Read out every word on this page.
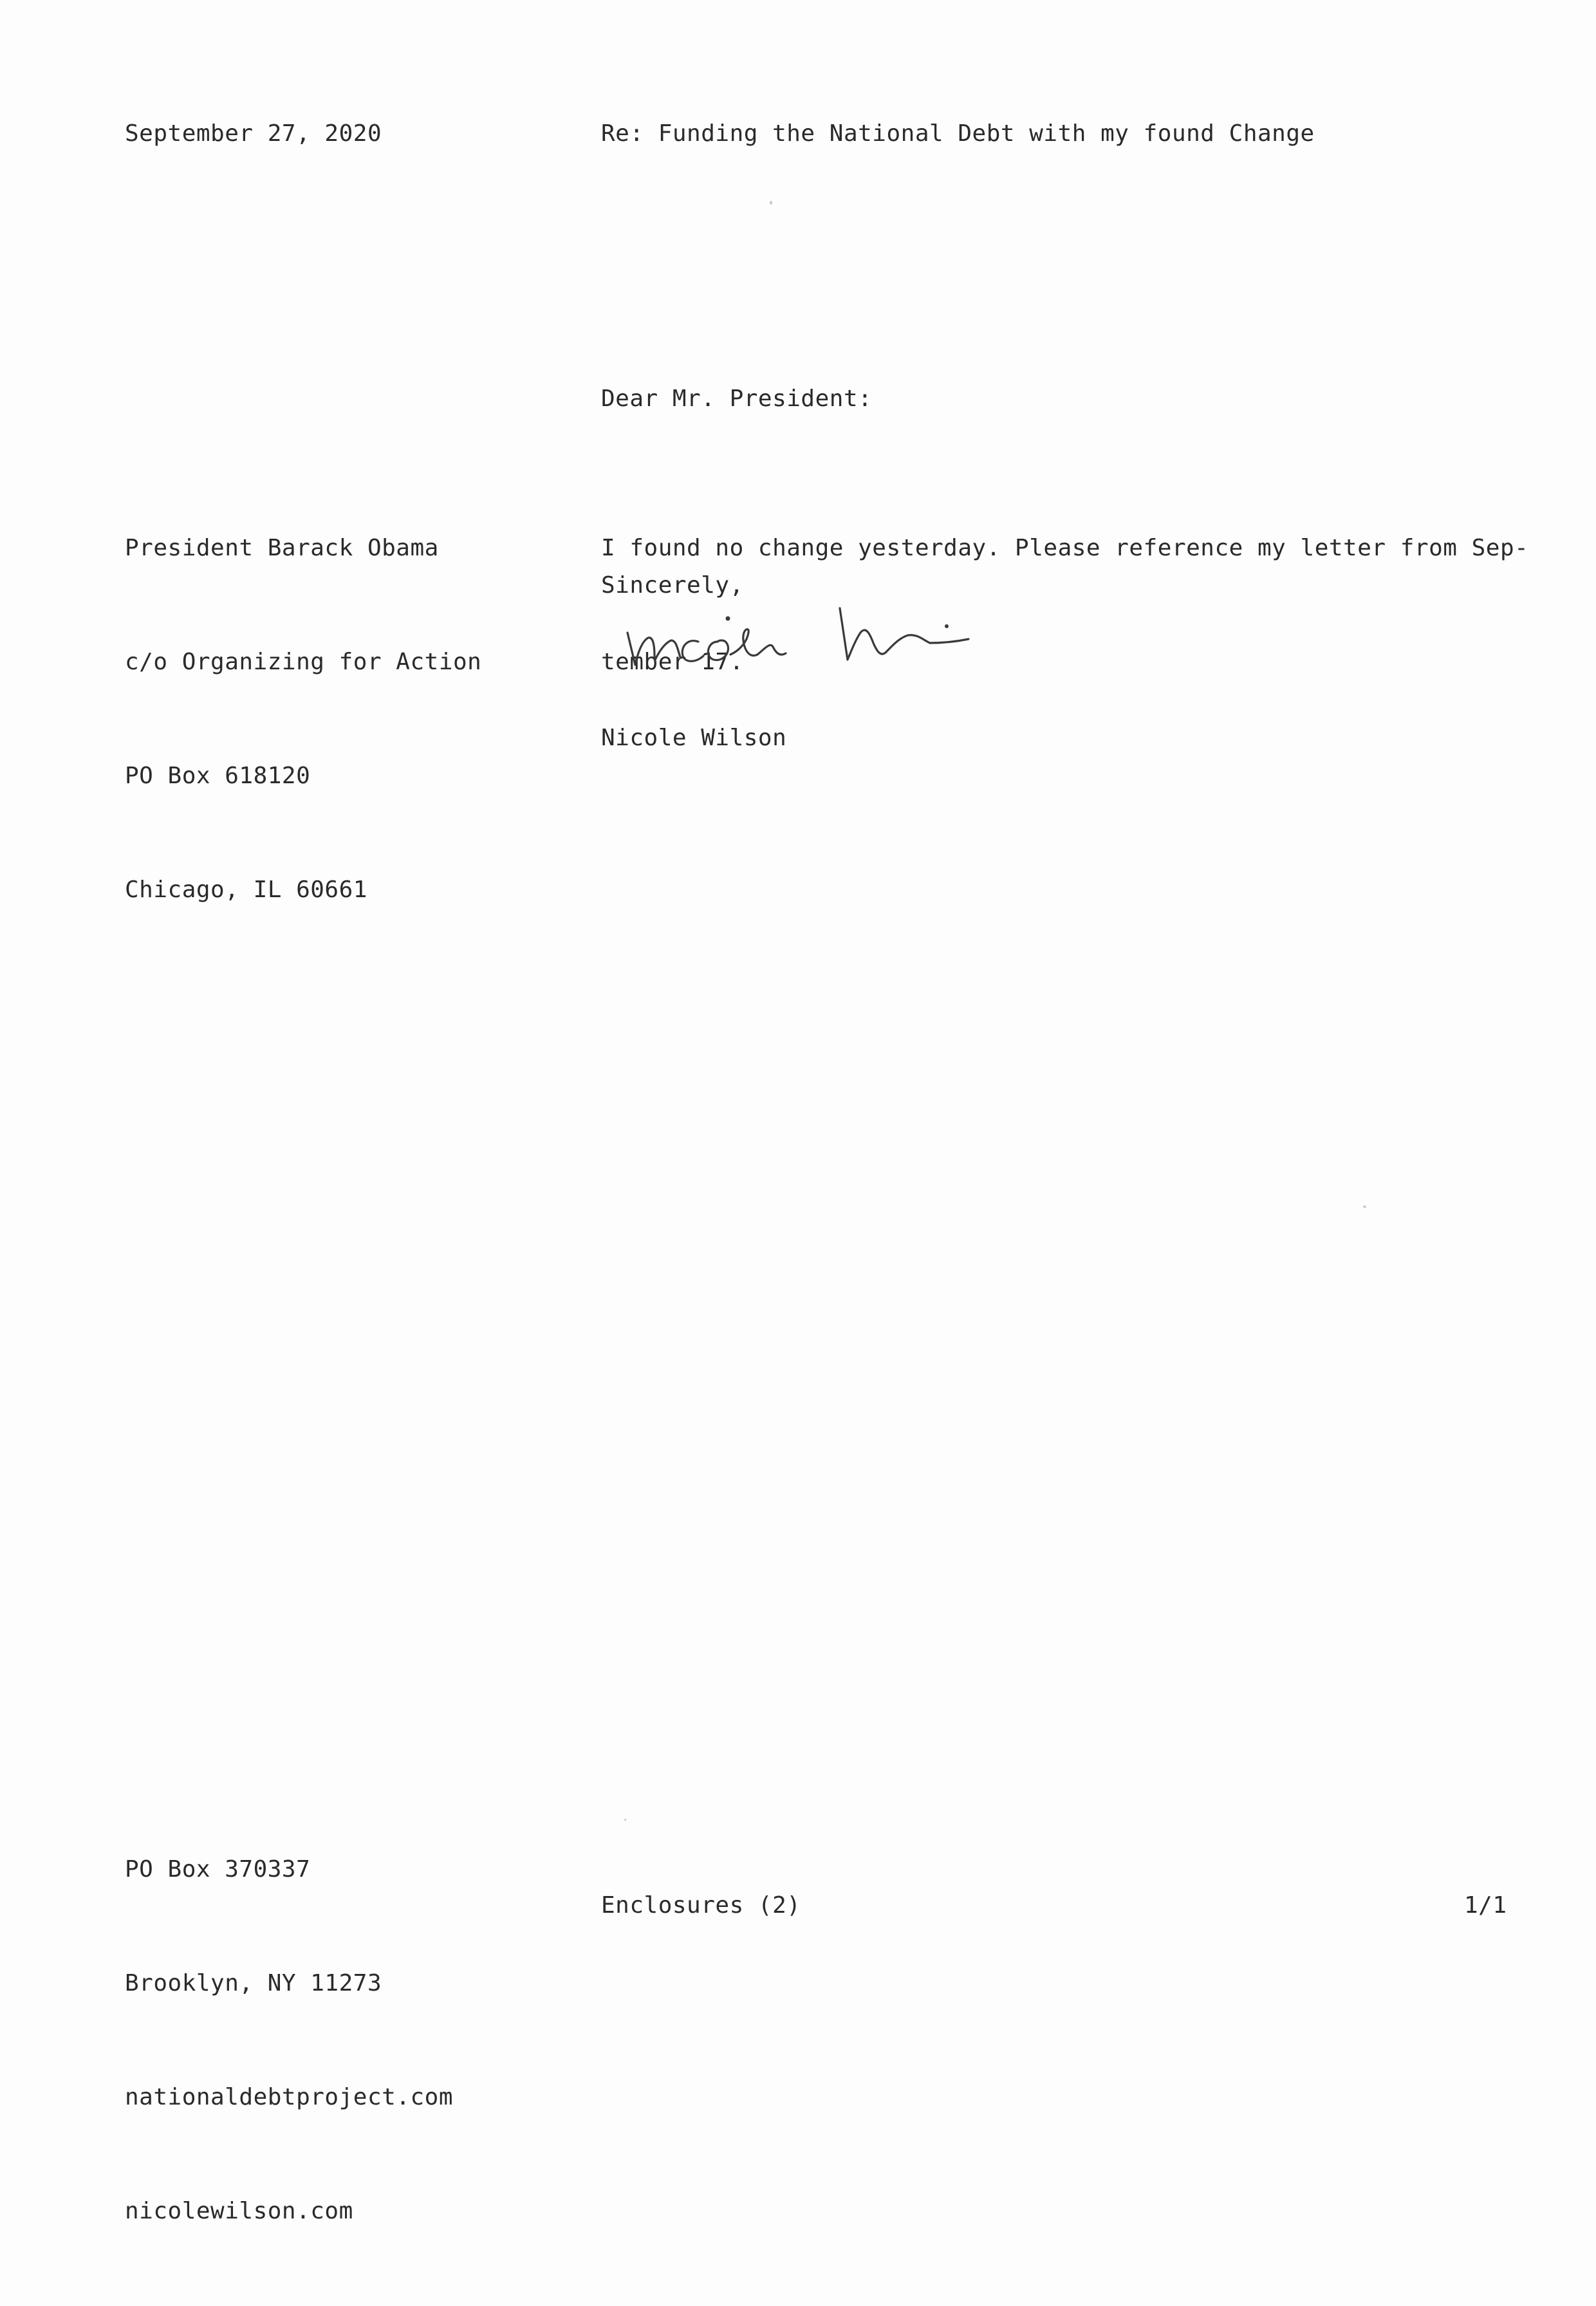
September 27, 2020	Re: Funding the National Debt with my found Change
Dear Mr. President:

President Barack Obama

c/o Organizing for Action

PO Box 618120

Chicago, IL 60661

I found no change yesterday. Please reference my letter from Sep-

tember 17.

Sincerely,
Nicole Wilson

PO Box 370337

Brooklyn, NY 11273

nationaldebtproject.com

nicolewilson.com

Enclosures (2)	1/1
